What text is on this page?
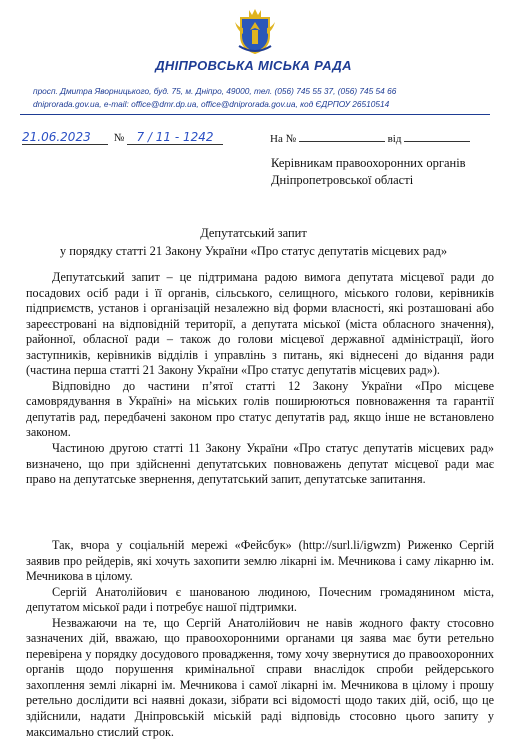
ДНІПРОВСЬКА МІСЬКА РАДА
просп. Дмитра Яворницького, буд. 75, м. Дніпро, 49000, тел. (056) 745 55 37, (056) 745 54 66
dniprorada.gov.ua, e-mail: office@dmr.dp.ua, office@dniprorada.gov.ua, код ЄДРПОУ 26510514
21.06.2023 № 7 / 11 - 1242	На №	від
Керівникам правоохоронних органів
Дніпропетровської області
Депутатський запит
у порядку статті 21 Закону України «Про статус депутатів місцевих рад»

Депутатський запит – це підтримана радою вимога депутата місцевої ради до посадових осіб ради і її органів, сільського, селищного, міського голови, керівників підприємств, установ і організацій незалежно від форми власності, які розташовані або зареєстровані на відповідній території, а депутата міської (міста обласного значення), районної, обласної ради – також до голови місцевої державної адміністрації, його заступників, керівників відділів і управлінь з питань, які віднесені до відання ради (частина перша статті 21 Закону України «Про статус депутатів місцевих рад»).

Відповідно до частини п’ятої статті 12 Закону України «Про місцеве самоврядування в Україні» на міських голів поширюються повноваження та гарантії депутатів рад, передбачені законом про статус депутатів рад, якщо інше не встановлено законом.

Частиною другою статті 11 Закону України «Про статус депутатів місцевих рад» визначено, що при здійсненні депутатських повноважень депутат місцевої ради має право на депутатське звернення, депутатський запит, депутатське запитання.

Так, вчора у соціальній мережі «Фейсбук» (http://surl.li/igwzm) Риженко Сергій заявив про рейдерів, які хочуть захопити землю лікарні ім. Мечникова і саму лікарню ім. Мечникова в цілому.

Сергій Анатолійович є шанованою людиною, Почесним громадянином міста, депутатом міської ради і потребує нашої підтримки.

Незважаючи на те, що Сергій Анатолійович не навів жодного факту стосовно зазначених дій, вважаю, що правоохоронними органами ця заява має бути ретельно перевірена у порядку досудового провадження, тому хочу звернутися до правоохоронних органів щодо порушення кримінальної справи внаслідок спроби рейдерського захоплення землі лікарні ім. Мечникова і самої лікарні ім. Мечникова в цілому і прошу ретельно дослідити всі наявні докази, зібрати всі відомості щодо таких дій, осіб, що це здійснили, надати Дніпровській міській раді відповідь стосовно цього запиту у максимально стислий строк.
